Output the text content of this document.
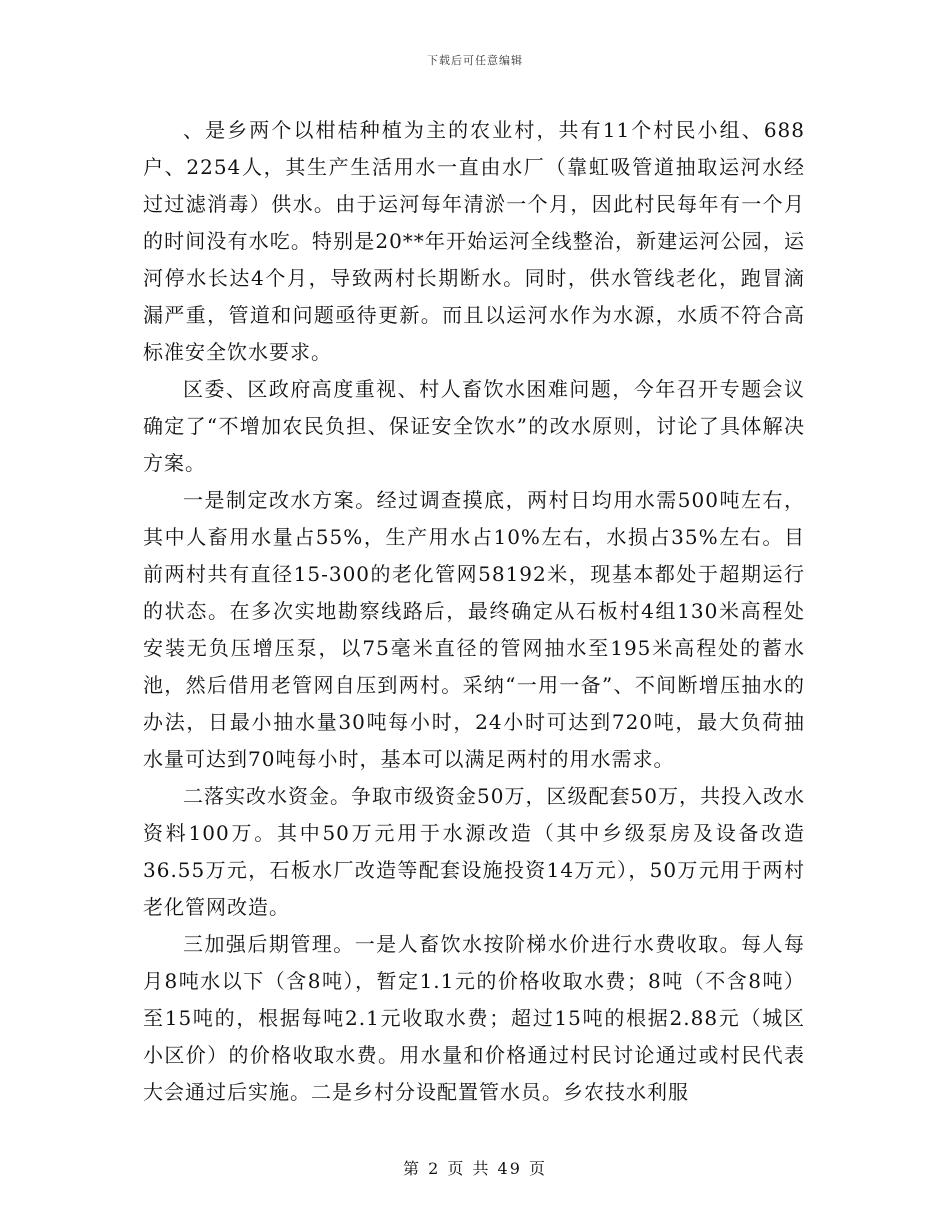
下载后可任意编辑

、是乡两个以柑桔种植为主的农业村，共有11个村民小组、688户、2254人，其生产生活用水一直由水厂（靠虹吸管道抽取运河水经过过滤消毒）供水。由于运河每年清淤一个月，因此村民每年有一个月的时间没有水吃。特别是20**年开始运河全线整治，新建运河公园，运河停水长达4个月，导致两村长期断水。同时，供水管线老化，跑冒滴漏严重，管道和问题亟待更新。而且以运河水作为水源，水质不符合高标准安全饮水要求。

区委、区政府高度重视、村人畜饮水困难问题，今年召开专题会议确定了“不增加农民负担、保证安全饮水”的改水原则，讨论了具体解决方案。

一是制定改水方案。经过调查摸底，两村日均用水需500吨左右，其中人畜用水量占55%，生产用水占10%左右，水损占35%左右。目前两村共有直径15-300的老化管网58192米，现基本都处于超期运行的状态。在多次实地勘察线路后，最终确定从石板村4组130米高程处安装无负压增压泵，以75毫米直径的管网抽水至195米高程处的蓄水池，然后借用老管网自压到两村。采纳“一用一备”、不间断增压抽水的办法，日最小抽水量30吨每小时，24小时可达到720吨，最大负荷抽水量可达到70吨每小时，基本可以满足两村的用水需求。

二落实改水资金。争取市级资金50万，区级配套50万，共投入改水资料100万。其中50万元用于水源改造（其中乡级泵房及设备改造36.55万元，石板水厂改造等配套设施投资14万元），50万元用于两村老化管网改造。

三加强后期管理。一是人畜饮水按阶梯水价进行水费收取。每人每月8吨水以下（含8吨），暂定1.1元的价格收取水费；8吨（不含8吨）至15吨的，根据每吨2.1元收取水费；超过15吨的根据2.88元（城区小区价）的价格收取水费。用水量和价格通过村民讨论通过或村民代表大会通过后实施。二是乡村分设配置管水员。乡农技水利服

第 2 页 共 49 页
